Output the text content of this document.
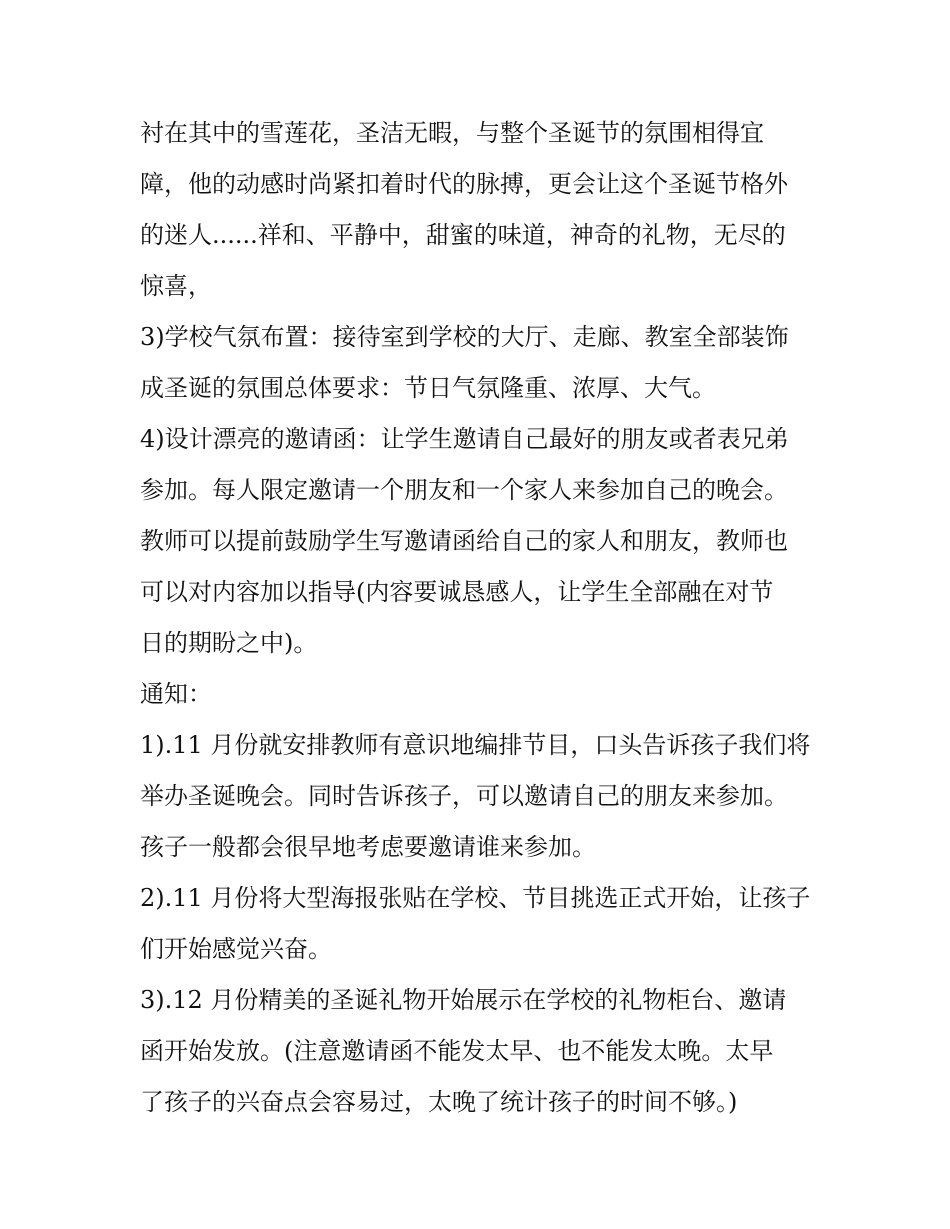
衬在其中的雪莲花，圣洁无暇，与整个圣诞节的氛围相得宜
障，他的动感时尚紧扣着时代的脉搏，更会让这个圣诞节格外
的迷人......祥和、平静中，甜蜜的味道，神奇的礼物，无尽的
惊喜，
3)学校气氛布置：接待室到学校的大厅、走廊、教室全部装饰
成圣诞的氛围总体要求：节日气氛隆重、浓厚、大气。
4)设计漂亮的邀请函：让学生邀请自己最好的朋友或者表兄弟
参加。每人限定邀请一个朋友和一个家人来参加自己的晚会。
教师可以提前鼓励学生写邀请函给自己的家人和朋友，教师也
可以对内容加以指导(内容要诚恳感人，让学生全部融在对节
日的期盼之中)。
通知：
1).11 月份就安排教师有意识地编排节目，口头告诉孩子我们将
举办圣诞晚会。同时告诉孩子，可以邀请自己的朋友来参加。
孩子一般都会很早地考虑要邀请谁来参加。
2).11 月份将大型海报张贴在学校、节目挑选正式开始，让孩子
们开始感觉兴奋。
3).12 月份精美的圣诞礼物开始展示在学校的礼物柜台、邀请
函开始发放。(注意邀请函不能发太早、也不能发太晚。太早
了孩子的兴奋点会容易过，太晚了统计孩子的时间不够。)
